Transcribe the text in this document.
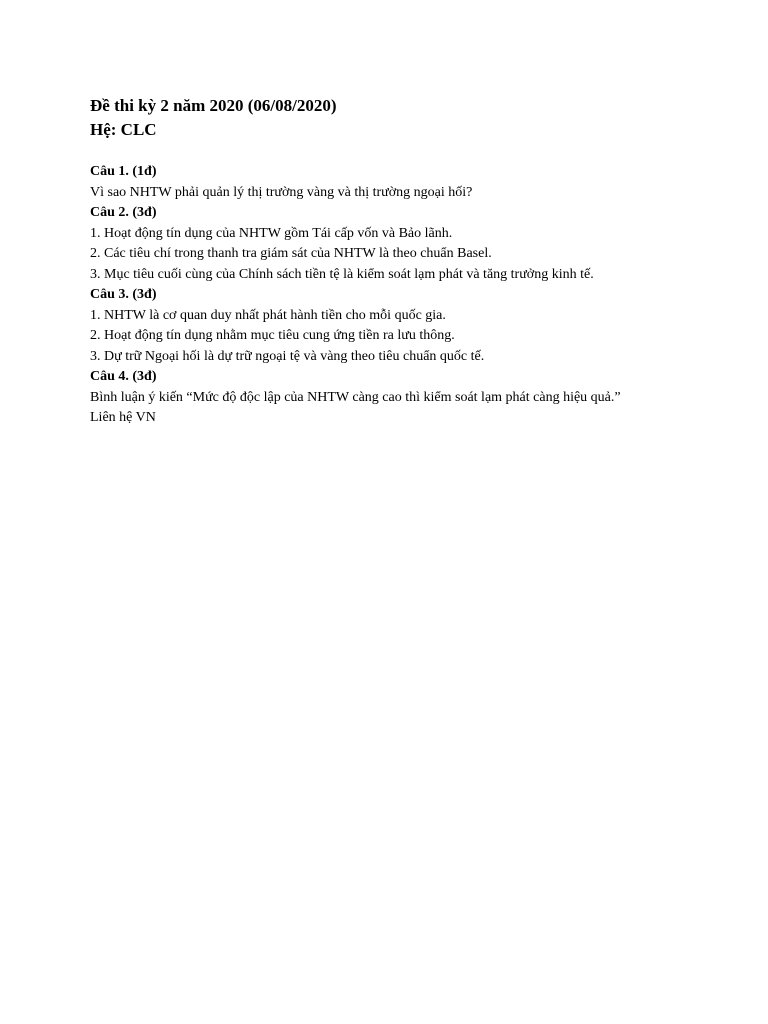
Đề thi kỳ 2 năm 2020 (06/08/2020)

Hệ: CLC

Câu 1. (1đ)

Vì sao NHTW phải quản lý thị trường vàng và thị trường ngoại hối?

Câu 2. (3đ)

1. Hoạt động tín dụng của NHTW gồm Tái cấp vốn và Bảo lãnh.

2. Các tiêu chí trong thanh tra giám sát của NHTW là theo chuẩn Basel.

3. Mục tiêu cuối cùng của Chính sách tiền tệ là kiểm soát lạm phát và tăng trưởng kinh tế.

Câu 3. (3đ)

1. NHTW là cơ quan duy nhất phát hành tiền cho mỗi quốc gia.

2. Hoạt động tín dụng nhằm mục tiêu cung ứng tiền ra lưu thông.

3. Dự trữ Ngoại hối là dự trữ ngoại tệ và vàng theo tiêu chuẩn quốc tế.

Câu 4. (3đ)

Bình luận ý kiến “Mức độ độc lập của NHTW càng cao thì kiểm soát lạm phát càng hiệu quả.”

Liên hệ VN
